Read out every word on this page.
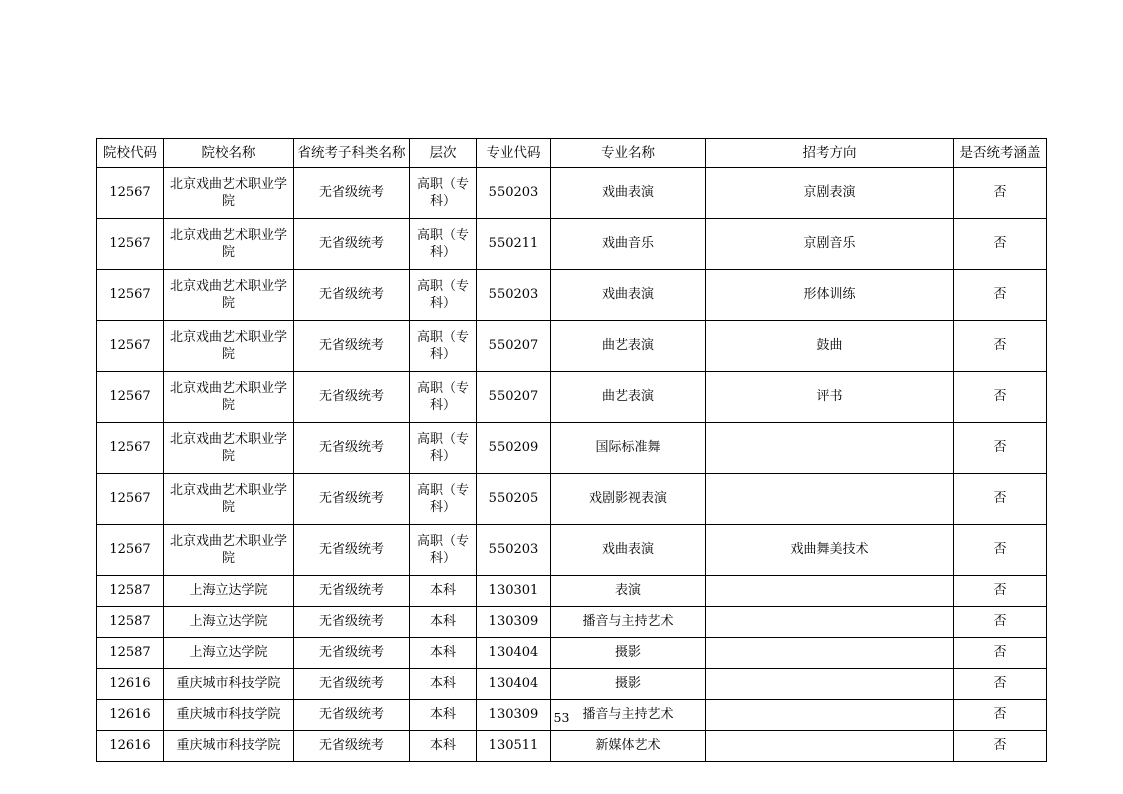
院校代码	院校名称	省统考子科类名称	层次	专业代码	专业名称	招考方向	是否统考涵盖
12567	北京戏曲艺术职业学院	无省级统考	高职（专科）	550203	戏曲表演	京剧表演	否
12567	北京戏曲艺术职业学院	无省级统考	高职（专科）	550211	戏曲音乐	京剧音乐	否
12567	北京戏曲艺术职业学院	无省级统考	高职（专科）	550203	戏曲表演	形体训练	否
12567	北京戏曲艺术职业学院	无省级统考	高职（专科）	550207	曲艺表演	鼓曲	否
12567	北京戏曲艺术职业学院	无省级统考	高职（专科）	550207	曲艺表演	评书	否
12567	北京戏曲艺术职业学院	无省级统考	高职（专科）	550209	国际标准舞		否
12567	北京戏曲艺术职业学院	无省级统考	高职（专科）	550205	戏剧影视表演		否
12567	北京戏曲艺术职业学院	无省级统考	高职（专科）	550203	戏曲表演	戏曲舞美技术	否
12587	上海立达学院	无省级统考	本科	130301	表演		否
12587	上海立达学院	无省级统考	本科	130309	播音与主持艺术		否
12587	上海立达学院	无省级统考	本科	130404	摄影		否
12616	重庆城市科技学院	无省级统考	本科	130404	摄影		否
12616	重庆城市科技学院	无省级统考	本科	130309	播音与主持艺术		否
12616	重庆城市科技学院	无省级统考	本科	130511	新媒体艺术		否
53
